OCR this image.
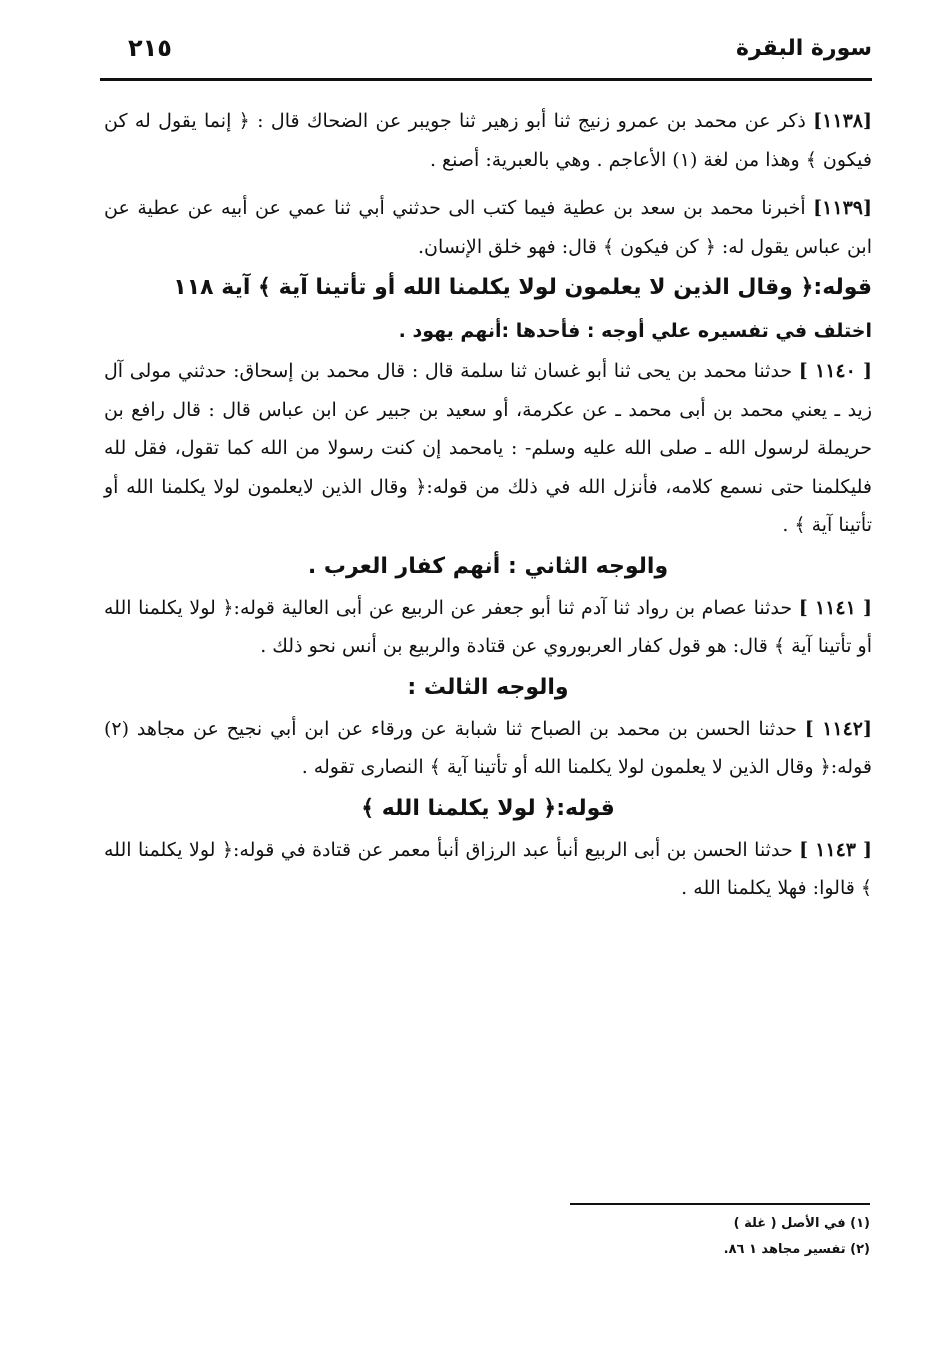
سورة البقرة
٢١٥

[١١٣٨] ذكر عن محمد بن عمرو زنيج ثنا أبو زهير ثنا جويبر عن الضحاك قال : ﴿ إنما يقول له كن فيكون ﴾ وهذا من لغة (١) الأعاجم . وهي بالعبرية: أصنع .

[١١٣٩] أخبرنا محمد بن سعد بن عطية فيما كتب الى حدثني أبي ثنا عمي عن أبيه عن عطية عن ابن عباس يقول له: ﴿ كن فيكون ﴾ قال: فهو خلق الإنسان.

قوله:﴿ وقال الذين لا يعلمون لولا يكلمنا الله أو تأتينا آية ﴾ آية ١١٨
اختلف في تفسيره علي أوجه : فأحدها :أنهم يهود .

[ ١١٤٠ ] حدثنا محمد بن يحى ثنا أبو غسان ثنا سلمة قال : قال محمد بن إسحاق: حدثني مولى آل زيد ـ يعني محمد بن أبى محمد ـ عن عكرمة، أو سعيد بن جبير عن ابن عباس قال : قال رافع بن حريملة لرسول الله ـ صلى الله عليه وسلم- : يامحمد إن كنت رسولا من الله كما تقول، فقل لله فليكلمنا حتى نسمع كلامه، فأنزل الله في ذلك من قوله:﴿ وقال الذين لايعلمون لولا يكلمنا الله أو تأتينا آية ﴾ .

والوجه الثاني : أنهم كفار العرب .

[ ١١٤١ ] حدثنا عصام بن رواد ثنا آدم ثنا أبو جعفر عن الربيع عن أبى العالية قوله:﴿ لولا يكلمنا الله أو تأتينا آية ﴾ قال: هو قول كفار العربوروي عن قتادة والربيع بن أنس نحو ذلك .

والوجه الثالث :

[١١٤٢ ] حدثنا الحسن بن محمد بن الصباح ثنا شبابة عن ورقاء عن ابن أبي نجيح عن مجاهد (٢) قوله:﴿ وقال الذين لا يعلمون لولا يكلمنا الله أو تأتينا آية ﴾ النصارى تقوله .

قوله:﴿ لولا يكلمنا الله ﴾

[ ١١٤٣ ] حدثنا الحسن بن أبى الربيع أنبأ عبد الرزاق أنبأ معمر عن قتادة في قوله:﴿ لولا يكلمنا الله ﴾ قالوا: فهلا يكلمنا الله .

(١) في الأصل ( غلة )
(٢) تفسير مجاهد ١ ٨٦.
